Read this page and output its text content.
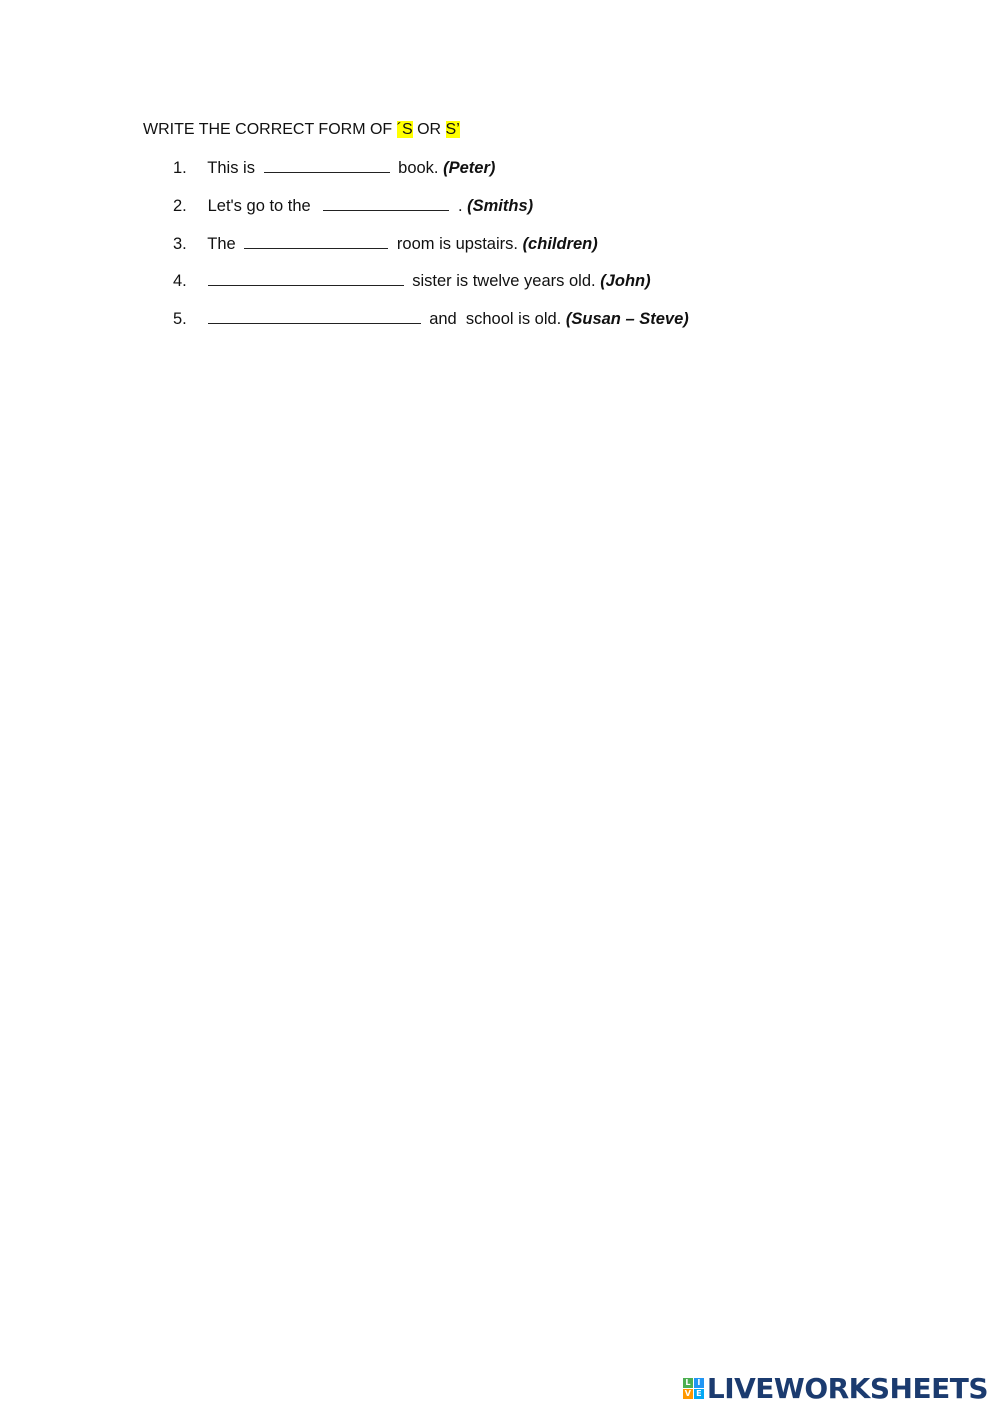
WRITE THE CORRECT FORM OF ´S OR S’
1. This is	book. (Peter)
2. Let's go to the	. (Smiths)
3. The	room is upstairs. (children)
4.	sister is twelve years old. (John)
5.	and  school is old. (Susan – Steve)
L I
V E LIVEWORKSHEETS
